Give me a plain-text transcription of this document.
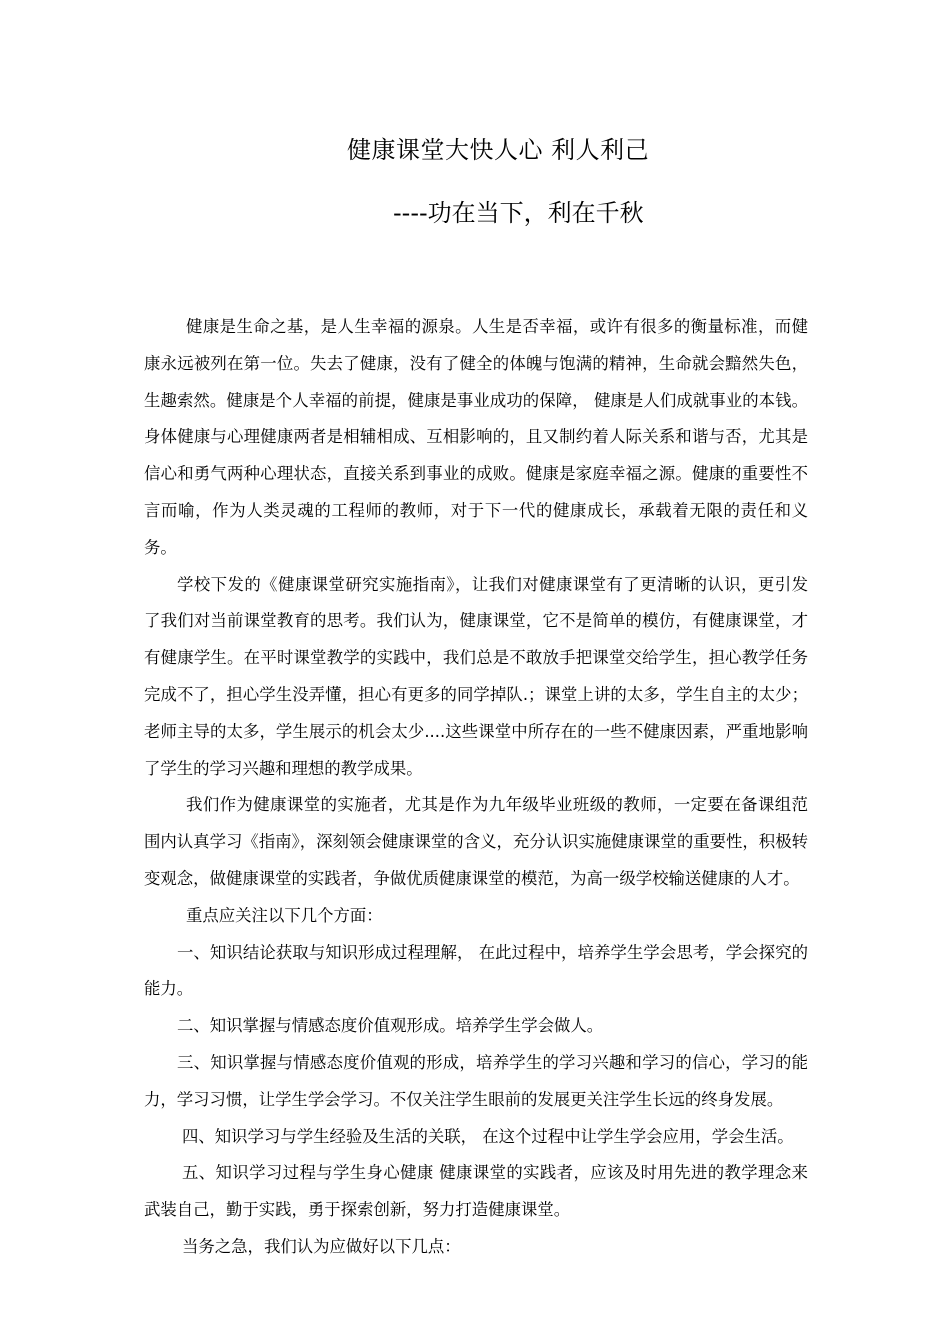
健康课堂大快人心 利人利己
----功在当下，利在千秋

健康是生命之基，是人生幸福的源泉。人生是否幸福，或许有很多的衡量标准，而健康永远被列在第一位。失去了健康，没有了健全的体魄与饱满的精神，生命就会黯然失色，生趣索然。健康是个人幸福的前提，健康是事业成功的保障， 健康是人们成就事业的本钱。身体健康与心理健康两者是相辅相成、互相影响的，且又制约着人际关系和谐与否，尤其是信心和勇气两种心理状态，直接关系到事业的成败。健康是家庭幸福之源。健康的重要性不言而喻，作为人类灵魂的工程师的教师，对于下一代的健康成长，承载着无限的责任和义务。

学校下发的《健康课堂研究实施指南》，让我们对健康课堂有了更清晰的认识，更引发了我们对当前课堂教育的思考。我们认为，健康课堂，它不是简单的模仿，有健康课堂，才有健康学生。在平时课堂教学的实践中，我们总是不敢放手把课堂交给学生，担心教学任务完成不了，担心学生没弄懂，担心有更多的同学掉队.；课堂上讲的太多，学生自主的太少；老师主导的太多，学生展示的机会太少....这些课堂中所存在的一些不健康因素，严重地影响了学生的学习兴趣和理想的教学成果。

我们作为健康课堂的实施者，尤其是作为九年级毕业班级的教师，一定要在备课组范围内认真学习《指南》，深刻领会健康课堂的含义，充分认识实施健康课堂的重要性，积极转变观念，做健康课堂的实践者，争做优质健康课堂的模范，为高一级学校输送健康的人才。

重点应关注以下几个方面：

一、知识结论获取与知识形成过程理解， 在此过程中，培养学生学会思考，学会探究的能力。

二、知识掌握与情感态度价值观形成。培养学生学会做人。

三、知识掌握与情感态度价值观的形成，培养学生的学习兴趣和学习的信心，学习的能力，学习习惯，让学生学会学习。不仅关注学生眼前的发展更关注学生长远的终身发展。

四、知识学习与学生经验及生活的关联， 在这个过程中让学生学会应用，学会生活。

五、知识学习过程与学生身心健康 健康课堂的实践者，应该及时用先进的教学理念来武装自己，勤于实践，勇于探索创新，努力打造健康课堂。

当务之急，我们认为应做好以下几点：
